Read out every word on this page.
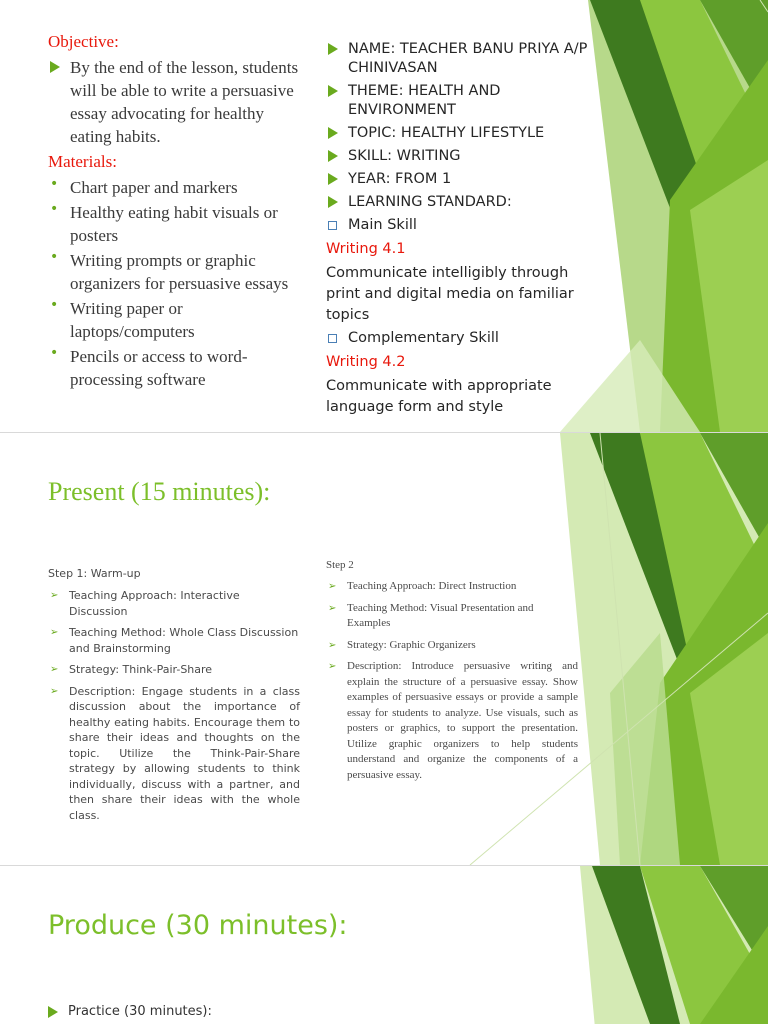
Objective:
By the end of the lesson, students will be able to write a persuasive essay advocating for healthy eating habits.
Materials:
• Chart paper and markers
• Healthy eating habit visuals or posters
• Writing prompts or graphic organizers for persuasive essays
• Writing paper or laptops/computers
• Pencils or access to word-processing software
NAME: TEACHER BANU PRIYA A/P CHINIVASAN
THEME: HEALTH AND ENVIRONMENT
TOPIC: HEALTHY LIFESTYLE
SKILL: WRITING
YEAR: FROM 1
LEARNING STANDARD:
Main Skill
Writing 4.1
Communicate intelligibly through print and digital media on familiar topics
Complementary Skill
Writing 4.2
Communicate with appropriate language form and style
Present (15 minutes):
Step 1: Warm-up
➢ Teaching Approach: Interactive Discussion
➢ Teaching Method: Whole Class Discussion and Brainstorming
➢ Strategy: Think-Pair-Share
➢ Description: Engage students in a class discussion about the importance of healthy eating habits. Encourage them to share their ideas and thoughts on the topic. Utilize the Think-Pair-Share strategy by allowing students to think individually, discuss with a partner, and then share their ideas with the whole class.
Step 2
➢ Teaching Approach: Direct Instruction
➢ Teaching Method: Visual Presentation and Examples
➢ Strategy: Graphic Organizers
➢ Description: Introduce persuasive writing and explain the structure of a persuasive essay. Show examples of persuasive essays or provide a sample essay for students to analyze. Use visuals, such as posters or graphics, to support the presentation. Utilize graphic organizers to help students understand and organize the components of a persuasive essay.
Produce (30 minutes):
Practice (30 minutes):
